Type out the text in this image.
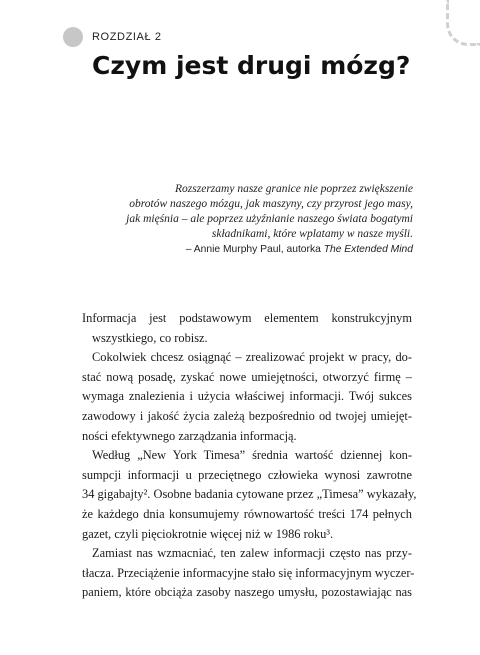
ROZDZIAŁ 2
Czym jest drugi mózg?
Rozszerzamy nasze granice nie poprzez zwiększenie
obrotów naszego mózgu, jak maszyny, czy przyrost jego masy,
jak mięśnia – ale poprzez użyźnianie naszego świata bogatymi
składnikami, które wplatamy w nasze myśli.
– Annie Murphy Paul, autorka The Extended Mind
Informacja jest podstawowym elementem konstrukcyjnym
wszystkiego, co robisz.
Cokolwiek chcesz osiągnąć – zrealizować projekt w pracy, do-
stać nową posadę, zyskać nowe umiejętności, otworzyć firmę –
wymaga znalezienia i użycia właściwej informacji. Twój sukces
zawodowy i jakość życia zależą bezpośrednio od twojej umiejęt-
ności efektywnego zarządzania informacją.
Według „New York Timesa” średnia wartość dziennej kon-
sumpcji informacji u przeciętnego człowieka wynosi zawrotne
34 gigabajty². Osobne badania cytowane przez „Timesa” wykazały,
że każdego dnia konsumujemy równowartość treści 174 pełnych
gazet, czyli pięciokrotnie więcej niż w 1986 roku³.
Zamiast nas wzmacniać, ten zalew informacji często nas przy-
tłacza. Przeciążenie informacyjne stało się informacyjnym wyczer-
paniem, które obciąża zasoby naszego umysłu, pozostawiając nas
